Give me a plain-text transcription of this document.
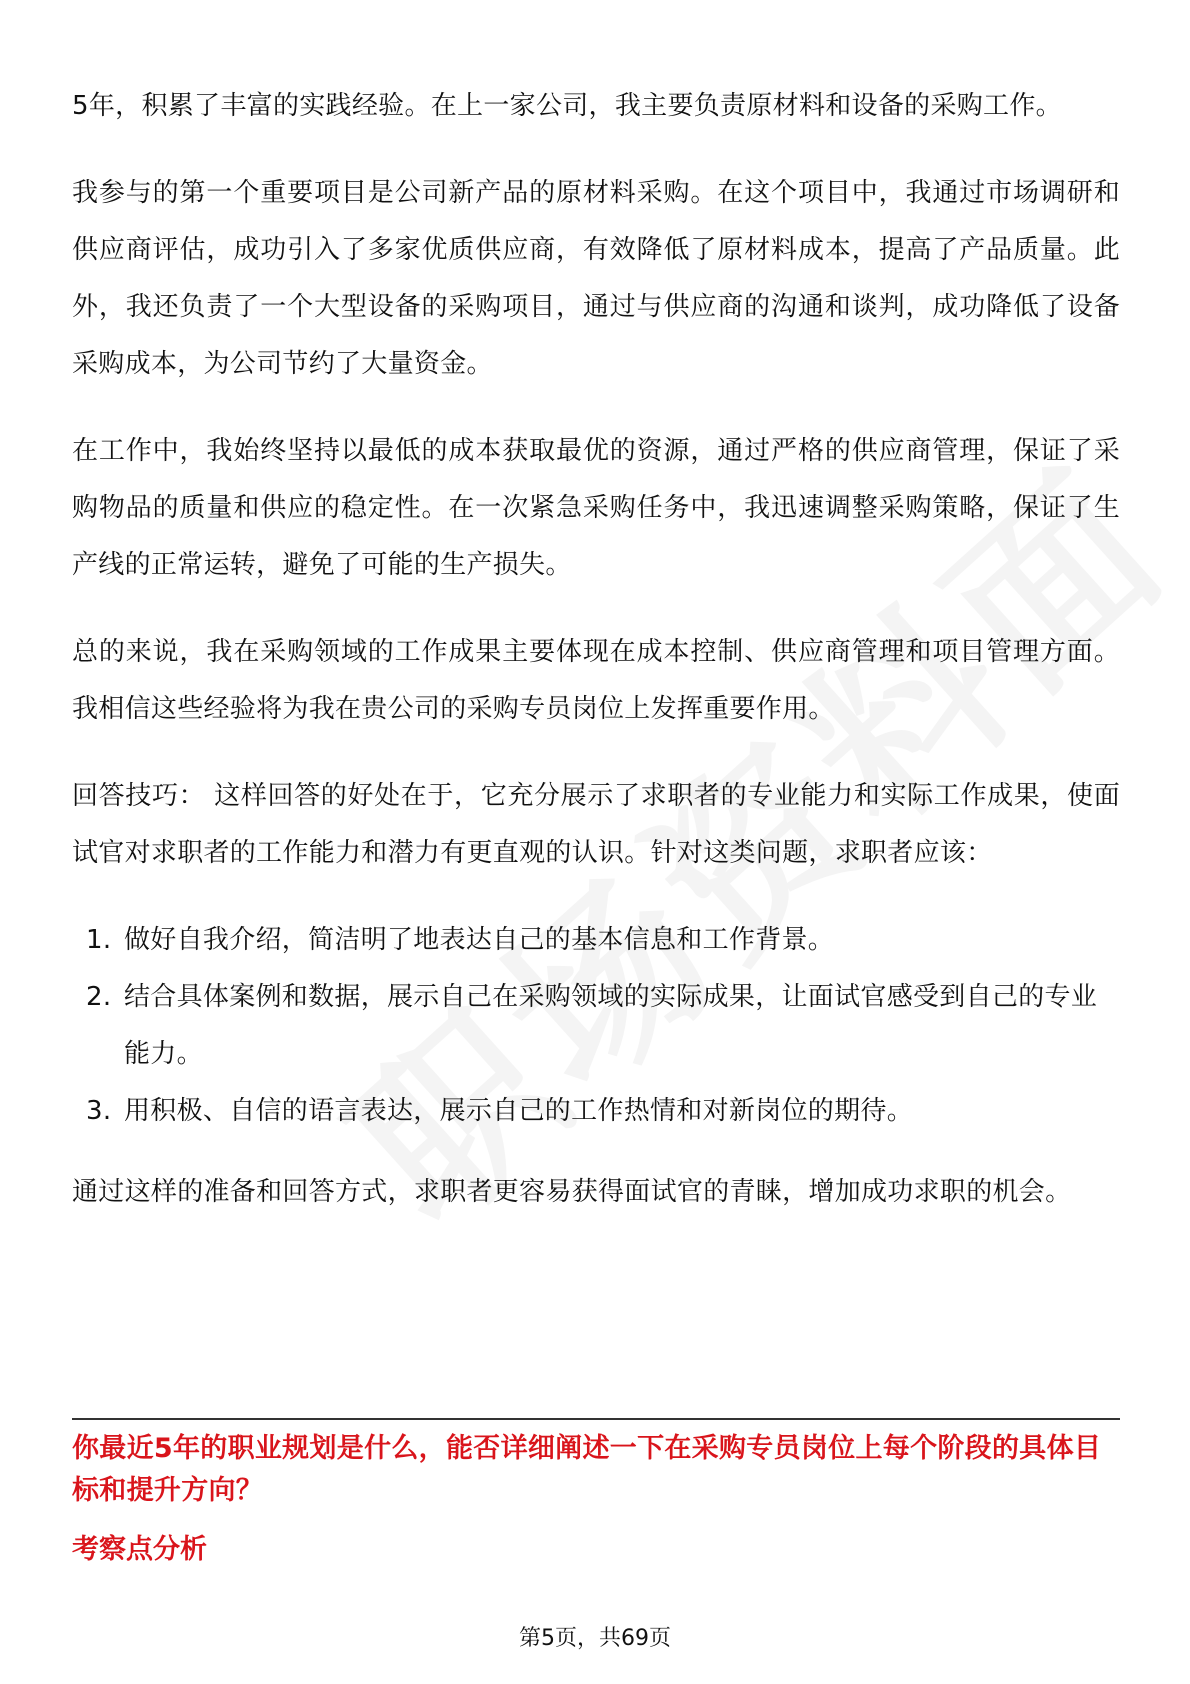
5年，积累了丰富的实践经验。在上一家公司，我主要负责原材料和设备的采购工作。

我参与的第一个重要项目是公司新产品的原材料采购。在这个项目中，我通过市场调研和供应商评估，成功引入了多家优质供应商，有效降低了原材料成本，提高了产品质量。此外，我还负责了一个大型设备的采购项目，通过与供应商的沟通和谈判，成功降低了设备采购成本，为公司节约了大量资金。

在工作中，我始终坚持以最低的成本获取最优的资源，通过严格的供应商管理，保证了采购物品的质量和供应的稳定性。在一次紧急采购任务中，我迅速调整采购策略，保证了生产线的正常运转，避免了可能的生产损失。

总的来说，我在采购领域的工作成果主要体现在成本控制、供应商管理和项目管理方面。我相信这些经验将为我在贵公司的采购专员岗位上发挥重要作用。

回答技巧： 这样回答的好处在于，它充分展示了求职者的专业能力和实际工作成果，使面试官对求职者的工作能力和潜力有更直观的认识。针对这类问题，求职者应该：

1. 做好自我介绍，简洁明了地表达自己的基本信息和工作背景。
2. 结合具体案例和数据，展示自己在采购领域的实际成果，让面试官感受到自己的专业能力。
3. 用积极、自信的语言表达，展示自己的工作热情和对新岗位的期待。

通过这样的准备和回答方式，求职者更容易获得面试官的青睐，增加成功求职的机会。

你最近5年的职业规划是什么，能否详细阐述一下在采购专员岗位上每个阶段的具体目标和提升方向？
考察点分析
第5页，共69页
